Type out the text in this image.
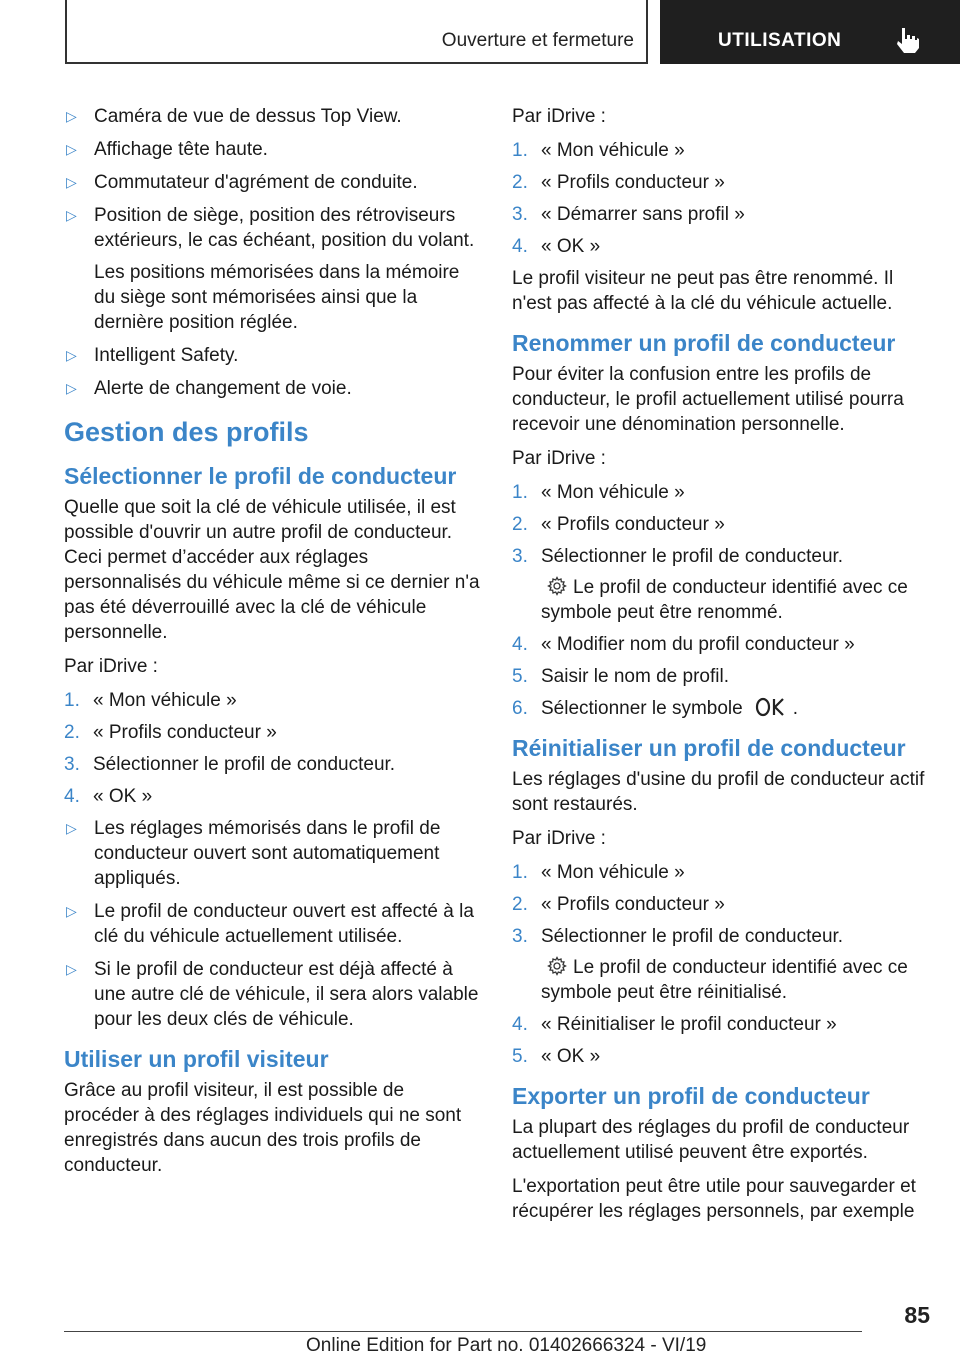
Ouverture et fermeture	UTILISATION
▷ Caméra de vue de dessus Top View.
▷ Affichage tête haute.
▷ Commutateur d'agrément de conduite.
▷ Position de siège, position des rétroviseurs extérieurs, le cas échéant, position du volant.
Les positions mémorisées dans la mémoire du siège sont mémorisées ainsi que la dernière position réglée.
▷ Intelligent Safety.
▷ Alerte de changement de voie.
Gestion des profils
Sélectionner le profil de conducteur

Quelle que soit la clé de véhicule utilisée, il est possible d'ouvrir un autre profil de conducteur. Ceci permet d’accéder aux réglages personnalisés du véhicule même si ce dernier n'a pas été déverrouillé avec la clé de véhicule personnelle.

Par iDrive :

1. « Mon véhicule »
2. « Profils conducteur »
3. Sélectionner le profil de conducteur.
4. « OK »
▷ Les réglages mémorisés dans le profil de conducteur ouvert sont automatiquement appliqués.
▷ Le profil de conducteur ouvert est affecté à la clé du véhicule actuellement utilisée.
▷ Si le profil de conducteur est déjà affecté à une autre clé de véhicule, il sera alors valable pour les deux clés de véhicule.
Utiliser un profil visiteur

Grâce au profil visiteur, il est possible de procéder à des réglages individuels qui ne sont enregistrés dans aucun des trois profils de conducteur.

Par iDrive :

1. « Mon véhicule »
2. « Profils conducteur »
3. « Démarrer sans profil »
4. « OK »

Le profil visiteur ne peut pas être renommé. Il n'est pas affecté à la clé du véhicule actuelle.

Renommer un profil de conducteur

Pour éviter la confusion entre les profils de conducteur, le profil actuellement utilisé pourra recevoir une dénomination personnelle.

Par iDrive :

1. « Mon véhicule »
2. « Profils conducteur »
3. Sélectionner le profil de conducteur.
Le profil de conducteur identifié avec ce symbole peut être renommé.
4. « Modifier nom du profil conducteur »
5. Saisir le nom de profil.
6. Sélectionner le symbole	.
Réinitialiser un profil de conducteur

Les réglages d'usine du profil de conducteur actif sont restaurés.

Par iDrive :

1. « Mon véhicule »
2. « Profils conducteur »
3. Sélectionner le profil de conducteur.
Le profil de conducteur identifié avec ce symbole peut être réinitialisé.
4. « Réinitialiser le profil conducteur »
5. « OK »
Exporter un profil de conducteur

La plupart des réglages du profil de conducteur actuellement utilisé peuvent être exportés.

L'exportation peut être utile pour sauvegarder et récupérer les réglages personnels, par exemple

85
Online Edition for Part no. 01402666324 - VI/19
